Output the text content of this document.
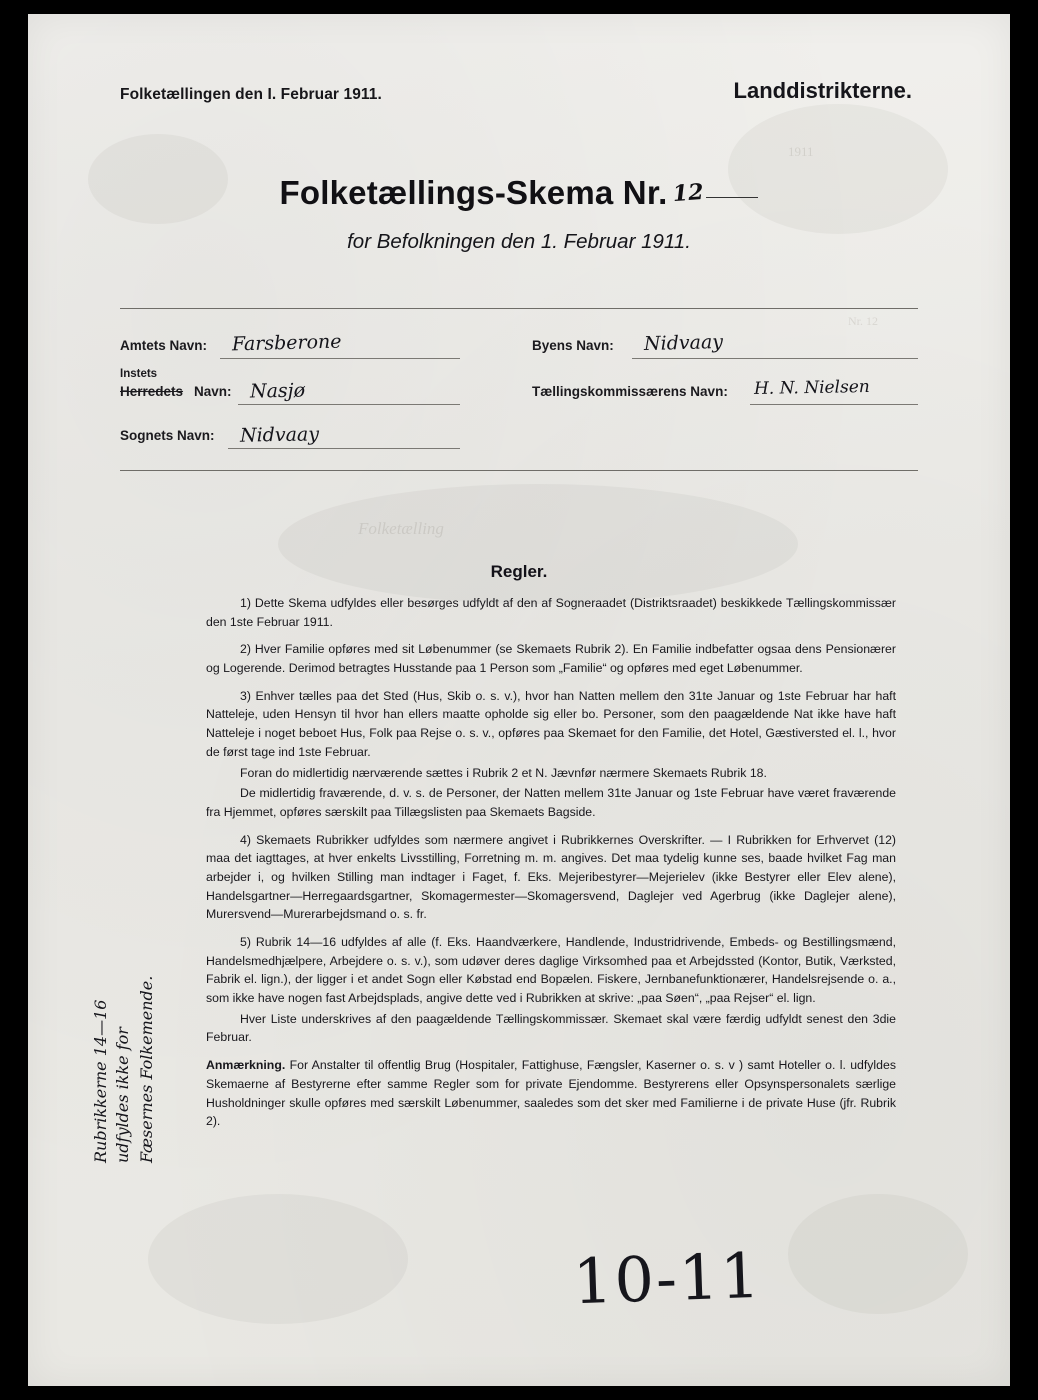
1911
Nr. 12
Folketælling
Folketællingen den I. Februar 1911.	Landdistrikterne.
Folketællings-Skema Nr. 12
for Befolkningen den 1. Februar 1911.
Amtets Navn: Farsberone
Instets
Herredets Navn: Nasjø
Sognets Navn: Nidvaay
Byens Navn: Nidvaay
Tællingskommissærens Navn: H. N. Nielsen
Regler.

1) Dette Skema udfyldes eller besørges udfyldt af den af Sogneraadet (Distriktsraadet) beskikkede Tællingskommissær den 1ste Februar 1911.

2) Hver Familie opføres med sit Løbenummer (se Skemaets Rubrik 2). En Familie indbefatter ogsaa dens Pensionærer og Logerende. Derimod betragtes Husstande paa 1 Person som „Familie“ og opføres med eget Løbenummer.

3) Enhver tælles paa det Sted (Hus, Skib o. s. v.), hvor han Natten mellem den 31te Januar og 1ste Februar har haft Natteleje, uden Hensyn til hvor han ellers maatte opholde sig eller bo. Personer, som den paagældende Nat ikke have haft Natteleje i noget beboet Hus, Folk paa Rejse o. s. v., opføres paa Skemaet for den Familie, det Hotel, Gæstiversted el. l., hvor de først tage ind 1ste Februar.

Foran do midlertidig nærværende sættes i Rubrik 2 et N. Jævnfør nærmere Skemaets Rubrik 18.

De midlertidig fraværende, d. v. s. de Personer, der Natten mellem 31te Januar og 1ste Februar have været fraværende fra Hjemmet, opføres særskilt paa Tillægslisten paa Skemaets Bagside.

4) Skemaets Rubrikker udfyldes som nærmere angivet i Rubrikkernes Overskrifter. — I Rubrikken for Erhvervet (12) maa det iagttages, at hver enkelts Livsstilling, Forretning m. m. angives. Det maa tydelig kunne ses, baade hvilket Fag man arbejder i, og hvilken Stilling man indtager i Faget, f. Eks. Mejeribestyrer—Mejerielev (ikke Bestyrer eller Elev alene), Handelsgartner—Herregaardsgartner, Skomagermester—Skomagersvend, Daglejer ved Agerbrug (ikke Daglejer alene), Murersvend—Murerarbejdsmand o. s. fr.

5) Rubrik 14—16 udfyldes af alle (f. Eks. Haandværkere, Handlende, Industridrivende, Embeds- og Bestillingsmænd, Handelsmedhjælpere, Arbejdere o. s. v.), som udøver deres daglige Virksomhed paa et Arbejdssted (Kontor, Butik, Værksted, Fabrik el. lign.), der ligger i et andet Sogn eller Købstad end Bopælen. Fiskere, Jernbanefunktionærer, Handelsrejsende o. a., som ikke have nogen fast Arbejdsplads, angive dette ved i Rubrikken at skrive: „paa Søen“, „paa Rejser“ el. lign.

Hver Liste underskrives af den paagældende Tællingskommissær. Skemaet skal være færdig udfyldt senest den 3die Februar.

Anmærkning. For Anstalter til offentlig Brug (Hospitaler, Fattighuse, Fængsler, Kaserner o. s. v ) samt Hoteller o. l. udfyldes Skemaerne af Bestyrerne efter samme Regler som for private Ejendomme. Bestyrerens eller Opsynspersonalets særlige Husholdninger skulle opføres med særskilt Løbenummer, saaledes som det sker med Familierne i de private Huse (jfr. Rubrik 2).

Rubrikkerne 14—16 udfyldes ikke for Fæsernes Folkemende.
10-11
